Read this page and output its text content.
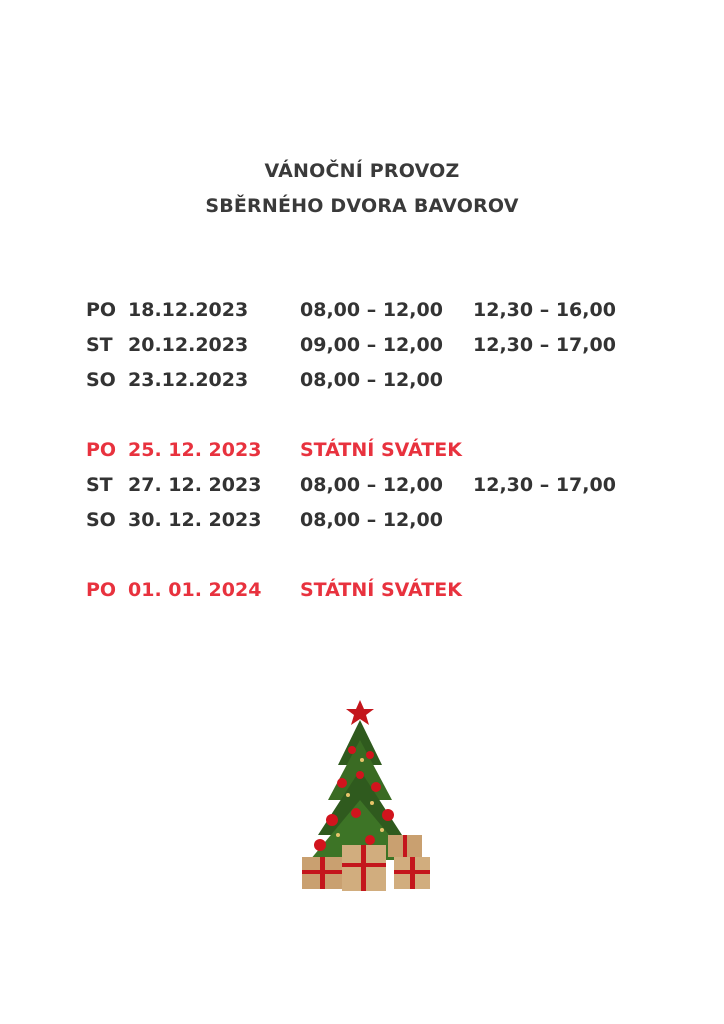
VÁNOČNÍ PROVOZ
SBĚRNÉHO DVORA BAVOROV
PO 18.12.2023	08,00 – 12,00 12,30 – 16,00
ST 20.12.2023	09,00 – 12,00 12,30 – 17,00
SO 23.12.2023	08,00 – 12,00
PO 25. 12. 2023 STÁTNÍ SVÁTEK
ST 27. 12. 2023 08,00 – 12,00 12,30 – 17,00
SO 30. 12. 2023 08,00 – 12,00
PO 01. 01. 2024 STÁTNÍ SVÁTEK
